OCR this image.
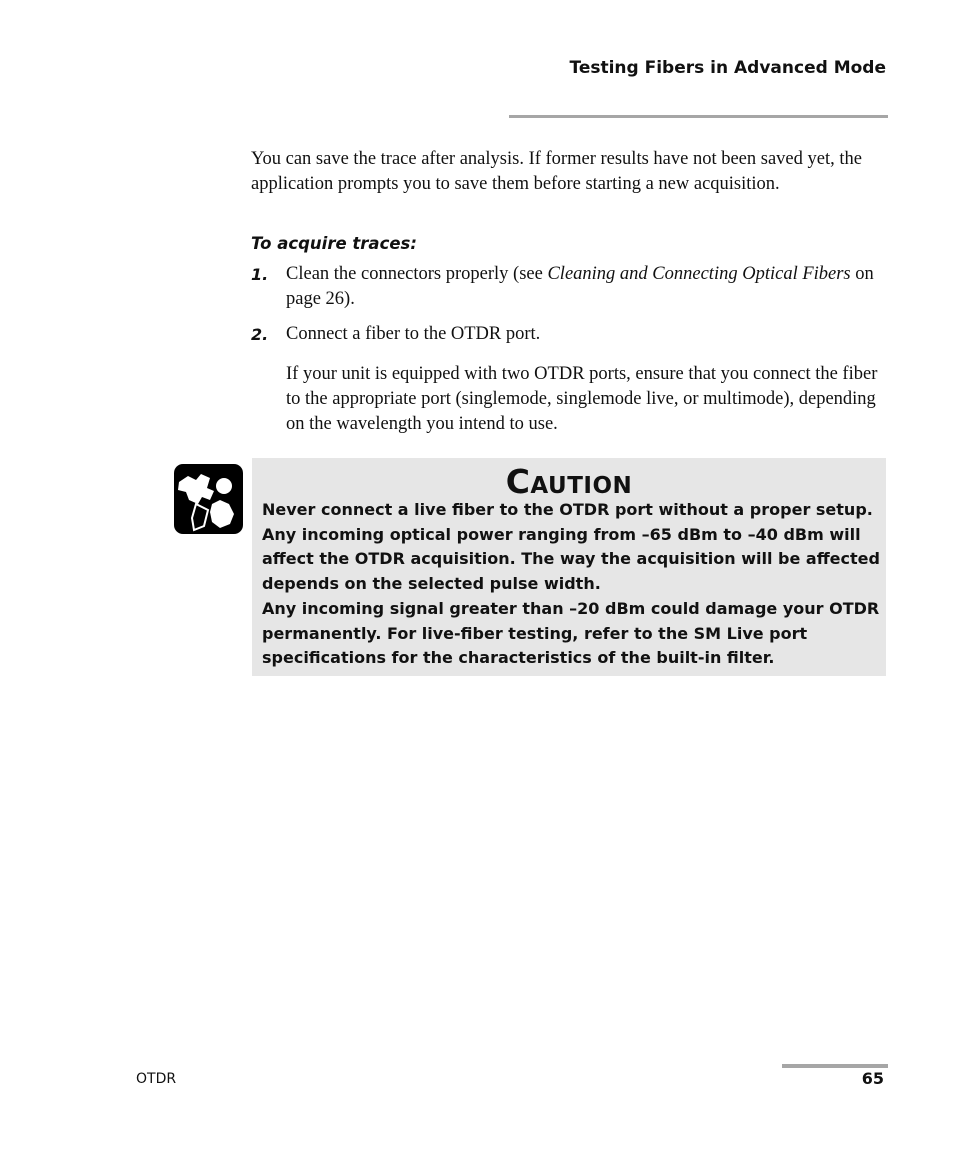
Testing Fibers in Advanced Mode

You can save the trace after analysis. If former results have not been saved yet, the application prompts you to save them before starting a new acquisition.

To acquire traces:

1. Clean the connectors properly (see Cleaning and Connecting Optical Fibers on page 26).

2. Connect a fiber to the OTDR port.

If your unit is equipped with two OTDR ports, ensure that you connect the fiber to the appropriate port (singlemode, singlemode live, or multimode), depending on the wavelength you intend to use.

Caution
Never connect a live fiber to the OTDR port without a proper setup. Any incoming optical power ranging from –65 dBm to –40 dBm will affect the OTDR acquisition. The way the acquisition will be affected depends on the selected pulse width.
Any incoming signal greater than –20 dBm could damage your OTDR permanently. For live-fiber testing, refer to the SM Live port specifications for the characteristics of the built-in filter.
OTDR	65
